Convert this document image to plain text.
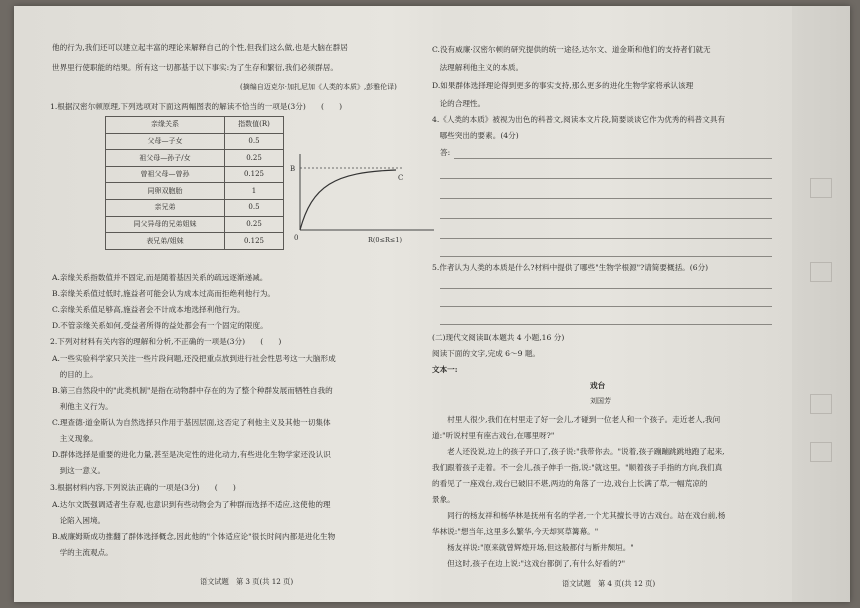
他的行为,我们还可以建立起丰富的理论来解释自己的个性,但我们这么做,也是大脑在群居
世界里行使职能的结果。所有这一切都基于以下事实:为了生存和繁衍,我们必须群居。
(摘编自迈克尔·加扎尼加《人类的本质》,彭雅伦译)
1.根据汉密尔顿原理,下列选项对下面这两幅图表的解读不恰当的一项是(3分)　　(　　)
亲缘关系	指数值(R)
父母—子女	0.5
祖父母—孙子/女	0.25
曾祖父母—曾孙	0.125
同卵双胞胎	1
亲兄弟	0.5
同父异母的兄弟姐妹	0.25
表兄弟/姐妹	0.125
B
C
0	R(0≤R≤1)
A.亲缘关系指数值并不固定,而是随着基因关系的疏远逐渐递减。
B.亲缘关系值过低时,施益者可能会认为成本过高而拒绝利他行为。
C.亲缘关系值足够高,施益者会不计成本地选择利他行为。
D.不管亲缘关系如何,受益者所得的益处都会有一个固定的限度。
2.下列对材料有关内容的理解和分析,不正确的一项是(3分)　　(　　)
A.一些实验科学家只关注一些片段问题,还没把重点放到进行社会性思考这一大脑形成
　的目的上。
B.第三自然段中的"此类机制"是指在动物群中存在的为了整个种群发展而牺牲自我的
　利他主义行为。
C.理查德·道金斯认为自然选择只作用于基因层面,这否定了利他主义及其他一切集体
　主义现象。
D.群体选择是重要的进化力量,甚至是决定性的进化动力,有些进化生物学家还没认识
　到这一意义。
3.根据材料内容,下列说法正确的一项是(3分)　　(　　)
A.达尔文既强调适者生存观,也意识到有些动物会为了种群而选择不适应,这使他的理
　论陷入困境。
B.威廉姆斯成功推翻了群体选择概念,因此他的"个体适应论"很长时间内都是进化生物
　学的主流观点。
语文试题　第 3 页(共 12 页)
C.没有威廉·汉密尔顿的研究提供的统一途径,达尔文、道金斯和他们的支持者们就无
　法理解利他主义的本质。
D.如果群体选择理论得到更多的事实支持,那么更多的进化生物学家将承认该理
　论的合理性。
4.《人类的本质》被视为出色的科普文,阅读本文片段,简要谈谈它作为优秀的科普文具有
　哪些突出的要素。(4分)
答:
5.作者认为人类的本质是什么?材料中提供了哪些"生物学根源"?请简要概括。(6分)
(二)现代文阅读Ⅱ(本题共 4 小题,16 分)
阅读下面的文字,完成 6～9 题。
文本一:
戏台
刘国芳
　　村里人很少,我们在村里走了好一会儿,才碰到一位老人和一个孩子。走近老人,我问
道:"听说村里有座古戏台,在哪里呀?"
　　老人还没说,边上的孩子开口了,孩子说:"我带你去。"说着,孩子蹦蹦跳跳地跑了起来,
我们跟着孩子走着。不一会儿,孩子伸手一指,说:"就这里。"顺着孩子手指的方向,我们真
的看见了一座戏台,戏台已破旧不堪,两边的角落了一边,戏台上长满了草,一幅荒凉的
景象。
　　同行的杨友祥和杨华林是抚州有名的学者,一个尤其擅长寻访古戏台。站在戏台前,杨
华林说:"想当年,这里多么繁华,今天却冥草篝幕。"
　　杨友祥说:"原来就曾辉煌开场,但这般都付与断井颓垣。"
　　但这时,孩子在边上说:"这戏台都倒了,有什么好看的?"
语文试题　第 4 页(共 12 页)
